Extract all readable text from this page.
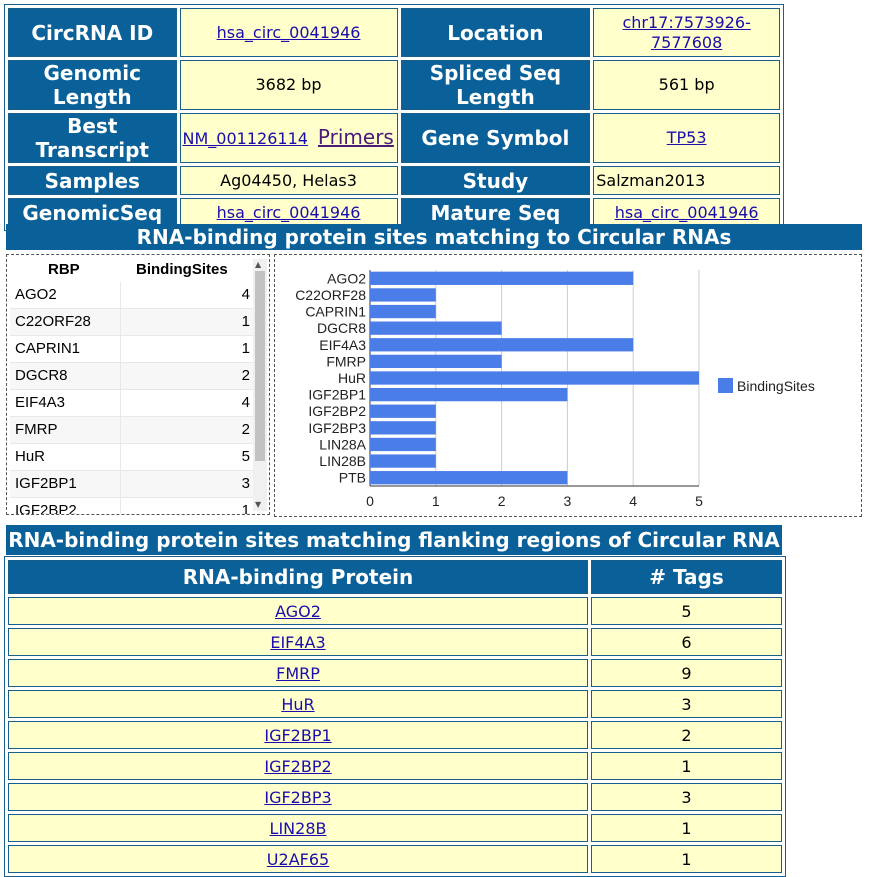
CircRNA ID	hsa_circ_0041946	Location	chr17:7573926-7577608
Genomic Length	3682 bp	Spliced Seq Length	561 bp
Best Transcript	NM_001126114 Primers	Gene Symbol	TP53
Samples	Ag04450, Helas3	Study	Salzman2013
GenomicSeq	hsa_circ_0041946	Mature Seq	hsa_circ_0041946
RNA-binding protein sites matching to Circular RNAs
RBP	BindingSites
AGO2	4
C22ORF28	1
CAPRIN1	1
DGCR8	2
EIF4A3	4
FMRP	2
HuR	5
IGF2BP1	3
IGF2BP2	1
▲
▼	0	1	2	3	4	5
AGO2
C22ORF28
CAPRIN1
DGCR8
EIF4A3
FMRP
HuR
IGF2BP1
IGF2BP2
IGF2BP3
LIN28A
LIN28B
PTB
BindingSites
RNA-binding protein sites matching flanking regions of Circular RNA
RNA-binding Protein	# Tags
AGO2	5
EIF4A3	6
FMRP	9
HuR	3
IGF2BP1	2
IGF2BP2	1
IGF2BP3	3
LIN28B	1
U2AF65	1
